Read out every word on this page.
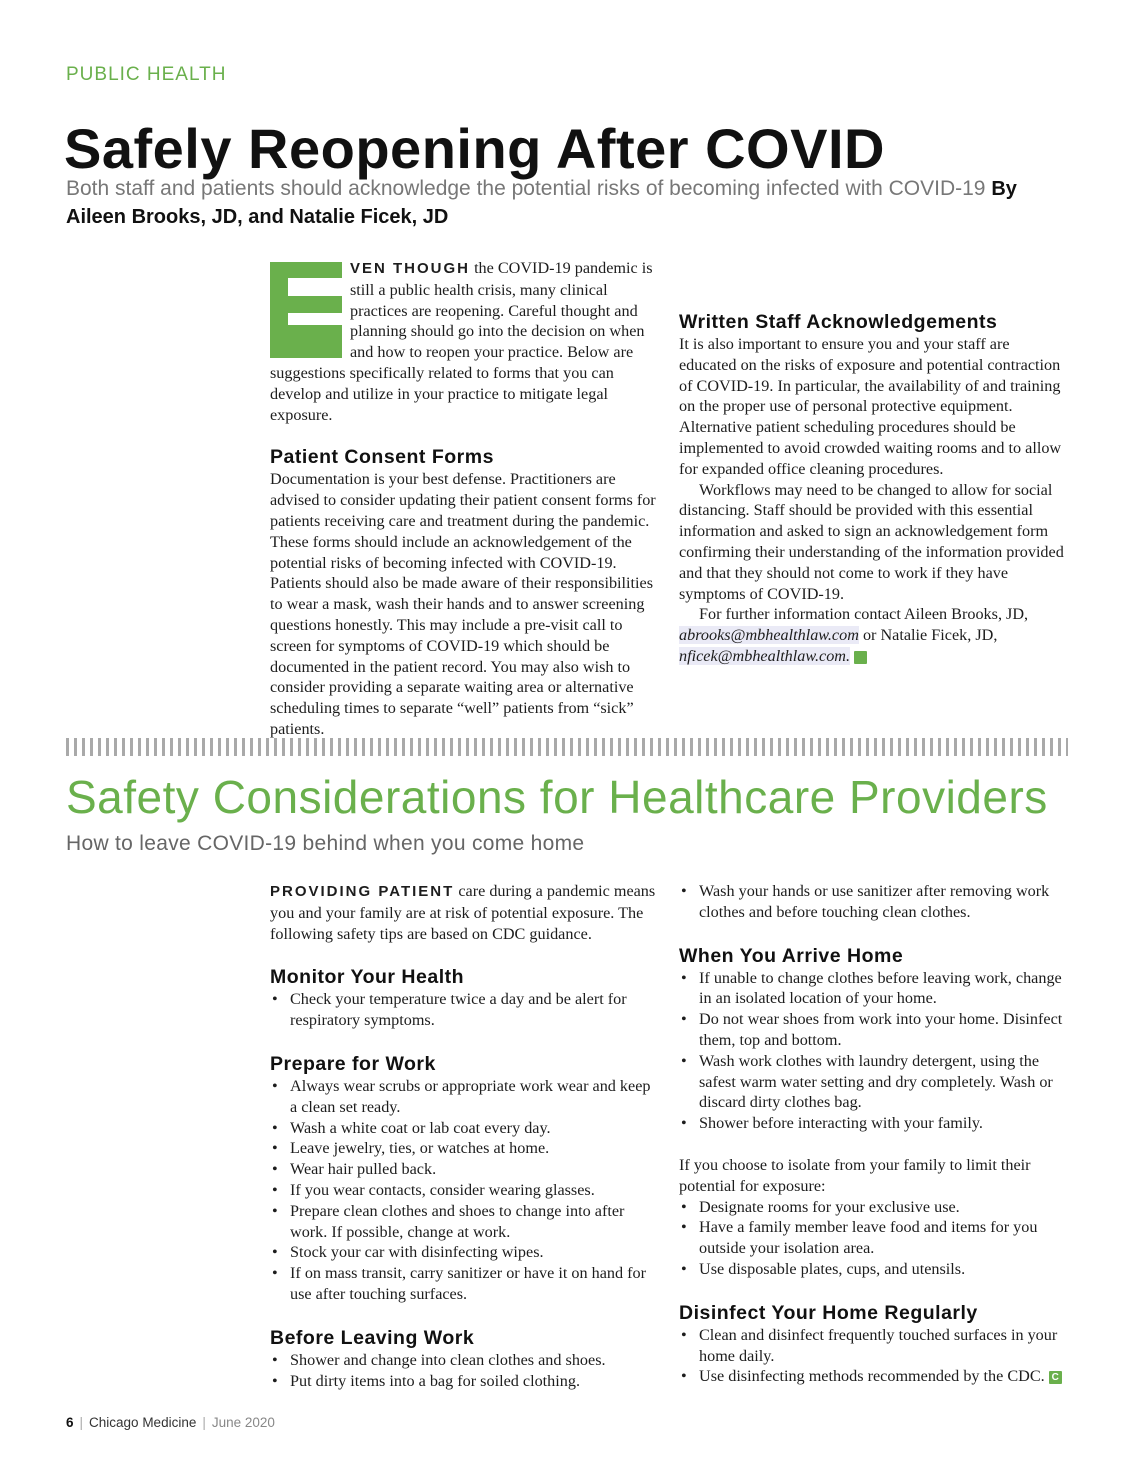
PUBLIC HEALTH
Safely Reopening After COVID
Both staff and patients should acknowledge the potential risks of becoming infected with COVID-19 By Aileen Brooks, JD, and Natalie Ficek, JD

VEN THOUGH the COVID-19 pandemic is still a public health crisis, many clinical practices are reopening. Careful thought and planning should go into the decision on when and how to reopen your practice. Below are suggestions specifically related to forms that you can develop and utilize in your practice to mitigate legal exposure.

Patient Consent Forms

Documentation is your best defense. Practitioners are advised to consider updating their patient consent forms for patients receiving care and treatment during the pandemic. These forms should include an acknowledgement of the potential risks of becoming infected with COVID-19. Patients should also be made aware of their responsibilities to wear a mask, wash their hands and to answer screening questions honestly. This may include a pre-visit call to screen for symptoms of COVID-19 which should be documented in the patient record. You may also wish to consider providing a separate waiting area or alternative scheduling times to separate “well” patients from “sick” patients.

Written Staff Acknowledgements

It is also important to ensure you and your staff are educated on the risks of exposure and potential contraction of COVID-19. In particular, the availability of and training on the proper use of personal protective equipment. Alternative patient scheduling procedures should be implemented to avoid crowded waiting rooms and to allow for expanded office cleaning procedures.

Workflows may need to be changed to allow for social distancing. Staff should be provided with this essential information and asked to sign an acknowledgement form confirming their understanding of the information provided and that they should not come to work if they have symptoms of COVID-19.

For further information contact Aileen Brooks, JD, abrooks@mbhealthlaw.com or Natalie Ficek, JD, nficek@mbhealthlaw.com. C

Safety Considerations for Healthcare Providers
How to leave COVID-19 behind when you come home

PROVIDING PATIENT care during a pandemic means you and your family are at risk of potential exposure. The following safety tips are based on CDC guidance.

Monitor Your Health
• Check your temperature twice a day and be alert for respiratory symptoms.
Prepare for Work
• Always wear scrubs or appropriate work wear and keep a clean set ready.
• Wash a white coat or lab coat every day.
• Leave jewelry, ties, or watches at home.
• Wear hair pulled back.
• If you wear contacts, consider wearing glasses.
• Prepare clean clothes and shoes to change into after work. If possible, change at work.
• Stock your car with disinfecting wipes.
• If on mass transit, carry sanitizer or have it on hand for use after touching surfaces.
Before Leaving Work
• Shower and change into clean clothes and shoes.
• Put dirty items into a bag for soiled clothing.
• Wash your hands or use sanitizer after removing work clothes and before touching clean clothes.
When You Arrive Home
• If unable to change clothes before leaving work, change in an isolated location of your home.
• Do not wear shoes from work into your home. Disinfect them, top and bottom.
• Wash work clothes with laundry detergent, using the safest warm water setting and dry completely. Wash or discard dirty clothes bag.
• Shower before interacting with your family.

If you choose to isolate from your family to limit their potential for exposure:

• Designate rooms for your exclusive use.
• Have a family member leave food and items for you outside your isolation area.
• Use disposable plates, cups, and utensils.
Disinfect Your Home Regularly
• Clean and disinfect frequently touched surfaces in your home daily.
• Use disinfecting methods recommended by the CDC. C
6 | Chicago Medicine | June 2020
